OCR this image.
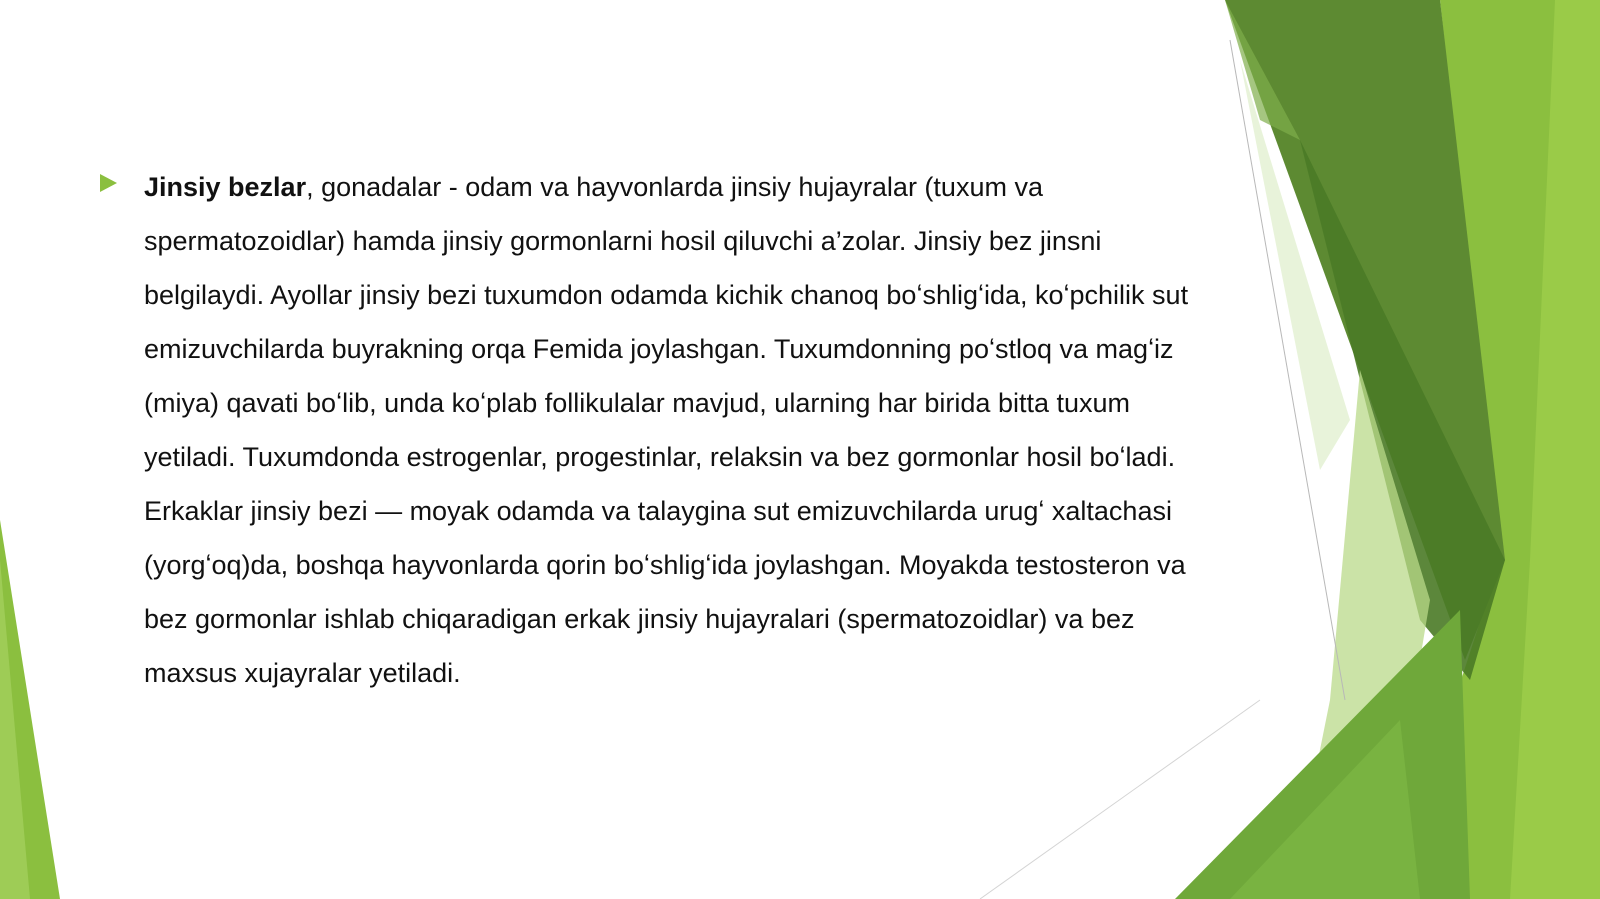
Jinsiy bezlar, gonadalar - odam va hayvonlarda jinsiy hujayralar (tuxum va spermatozoidlar) hamda jinsiy gormonlarni hosil qiluvchi a’zolar. Jinsiy bez jinsni belgilaydi. Ayollar jinsiy bezi tuxumdon odamda kichik chanoq boʻshligʻida, koʻpchilik sut emizuvchilarda buyrakning orqa Femida joylashgan. Tuxumdonning poʻstloq va magʻiz (miya) qavati boʻlib, unda koʻplab follikulalar mavjud, ularning har birida bitta tuxum yetiladi. Tuxumdonda estrogenlar, progestinlar, relaksin va bez gormonlar hosil boʻladi. Erkaklar jinsiy bezi — moyak odamda va talaygina sut emizuvchilarda urugʻ xaltachasi (yorgʻoq)da, boshqa hayvonlarda qorin boʻshligʻida joylashgan. Moyakda testosteron va bez gormonlar ishlab chiqaradigan erkak jinsiy hujayralari (spermatozoidlar) va bez maxsus xujayralar yetiladi.
